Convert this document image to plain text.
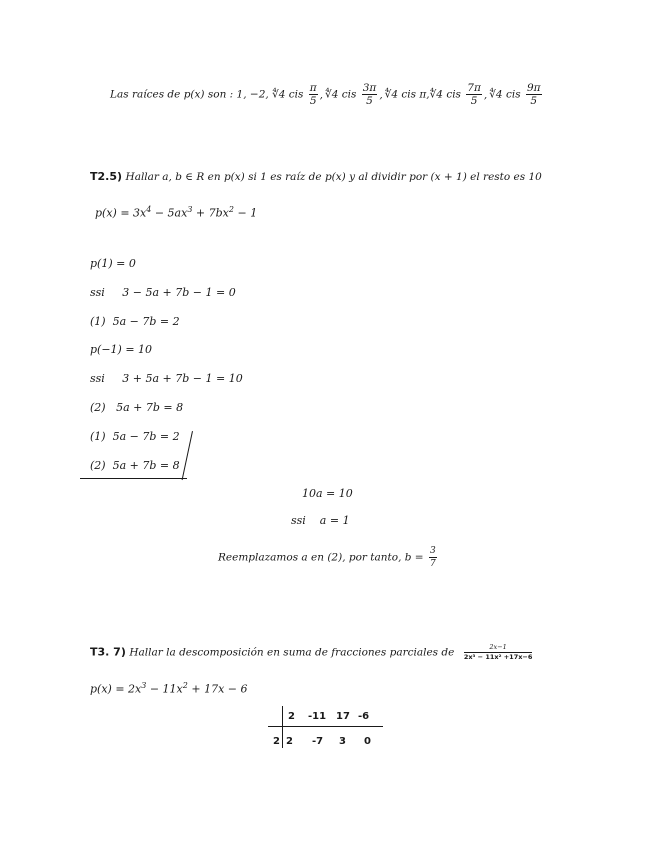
Las raíces de p(x) son : 1, −2, ∜4 cis $\frac{\pi}{5}$ , ∜4 cis $\frac{3\pi}{5}$ , ∜4 cis π,∜4 cis $\frac{7\pi}{5}$ , ∜4 cis $\frac{9\pi}{5}$
T2.5) Hallar a, b ∈ R en p(x) si 1 es raíz de p(x) y al dividir por (x + 1) el resto es 10
$p(x) = 3x^4 - 5ax^3 + 7bx^2 - 1$
p(1) = 0
ssi     3 − 5a + 7b − 1 = 0
(1)  5a − 7b = 2
p(−1) = 10
ssi     3 + 5a + 7b − 1 = 10
(2)   5a + 7b = 8
(1)  5a − 7b = 2
(2)  5a + 7b = 8
10a = 10
ssi    a = 1
Reemplazamos a en (2), por tanto, $b = \frac{3}{7}$
T3. 7) Hallar la descomposición en suma de fracciones parciales de $\frac{2x-1}{\text{2x³ − 11x² +17x−6}}$
$p(x) = 2x^3 - 11x^2 + 17x - 6$
2 -11 17 -6
2 2 -7 3 0
